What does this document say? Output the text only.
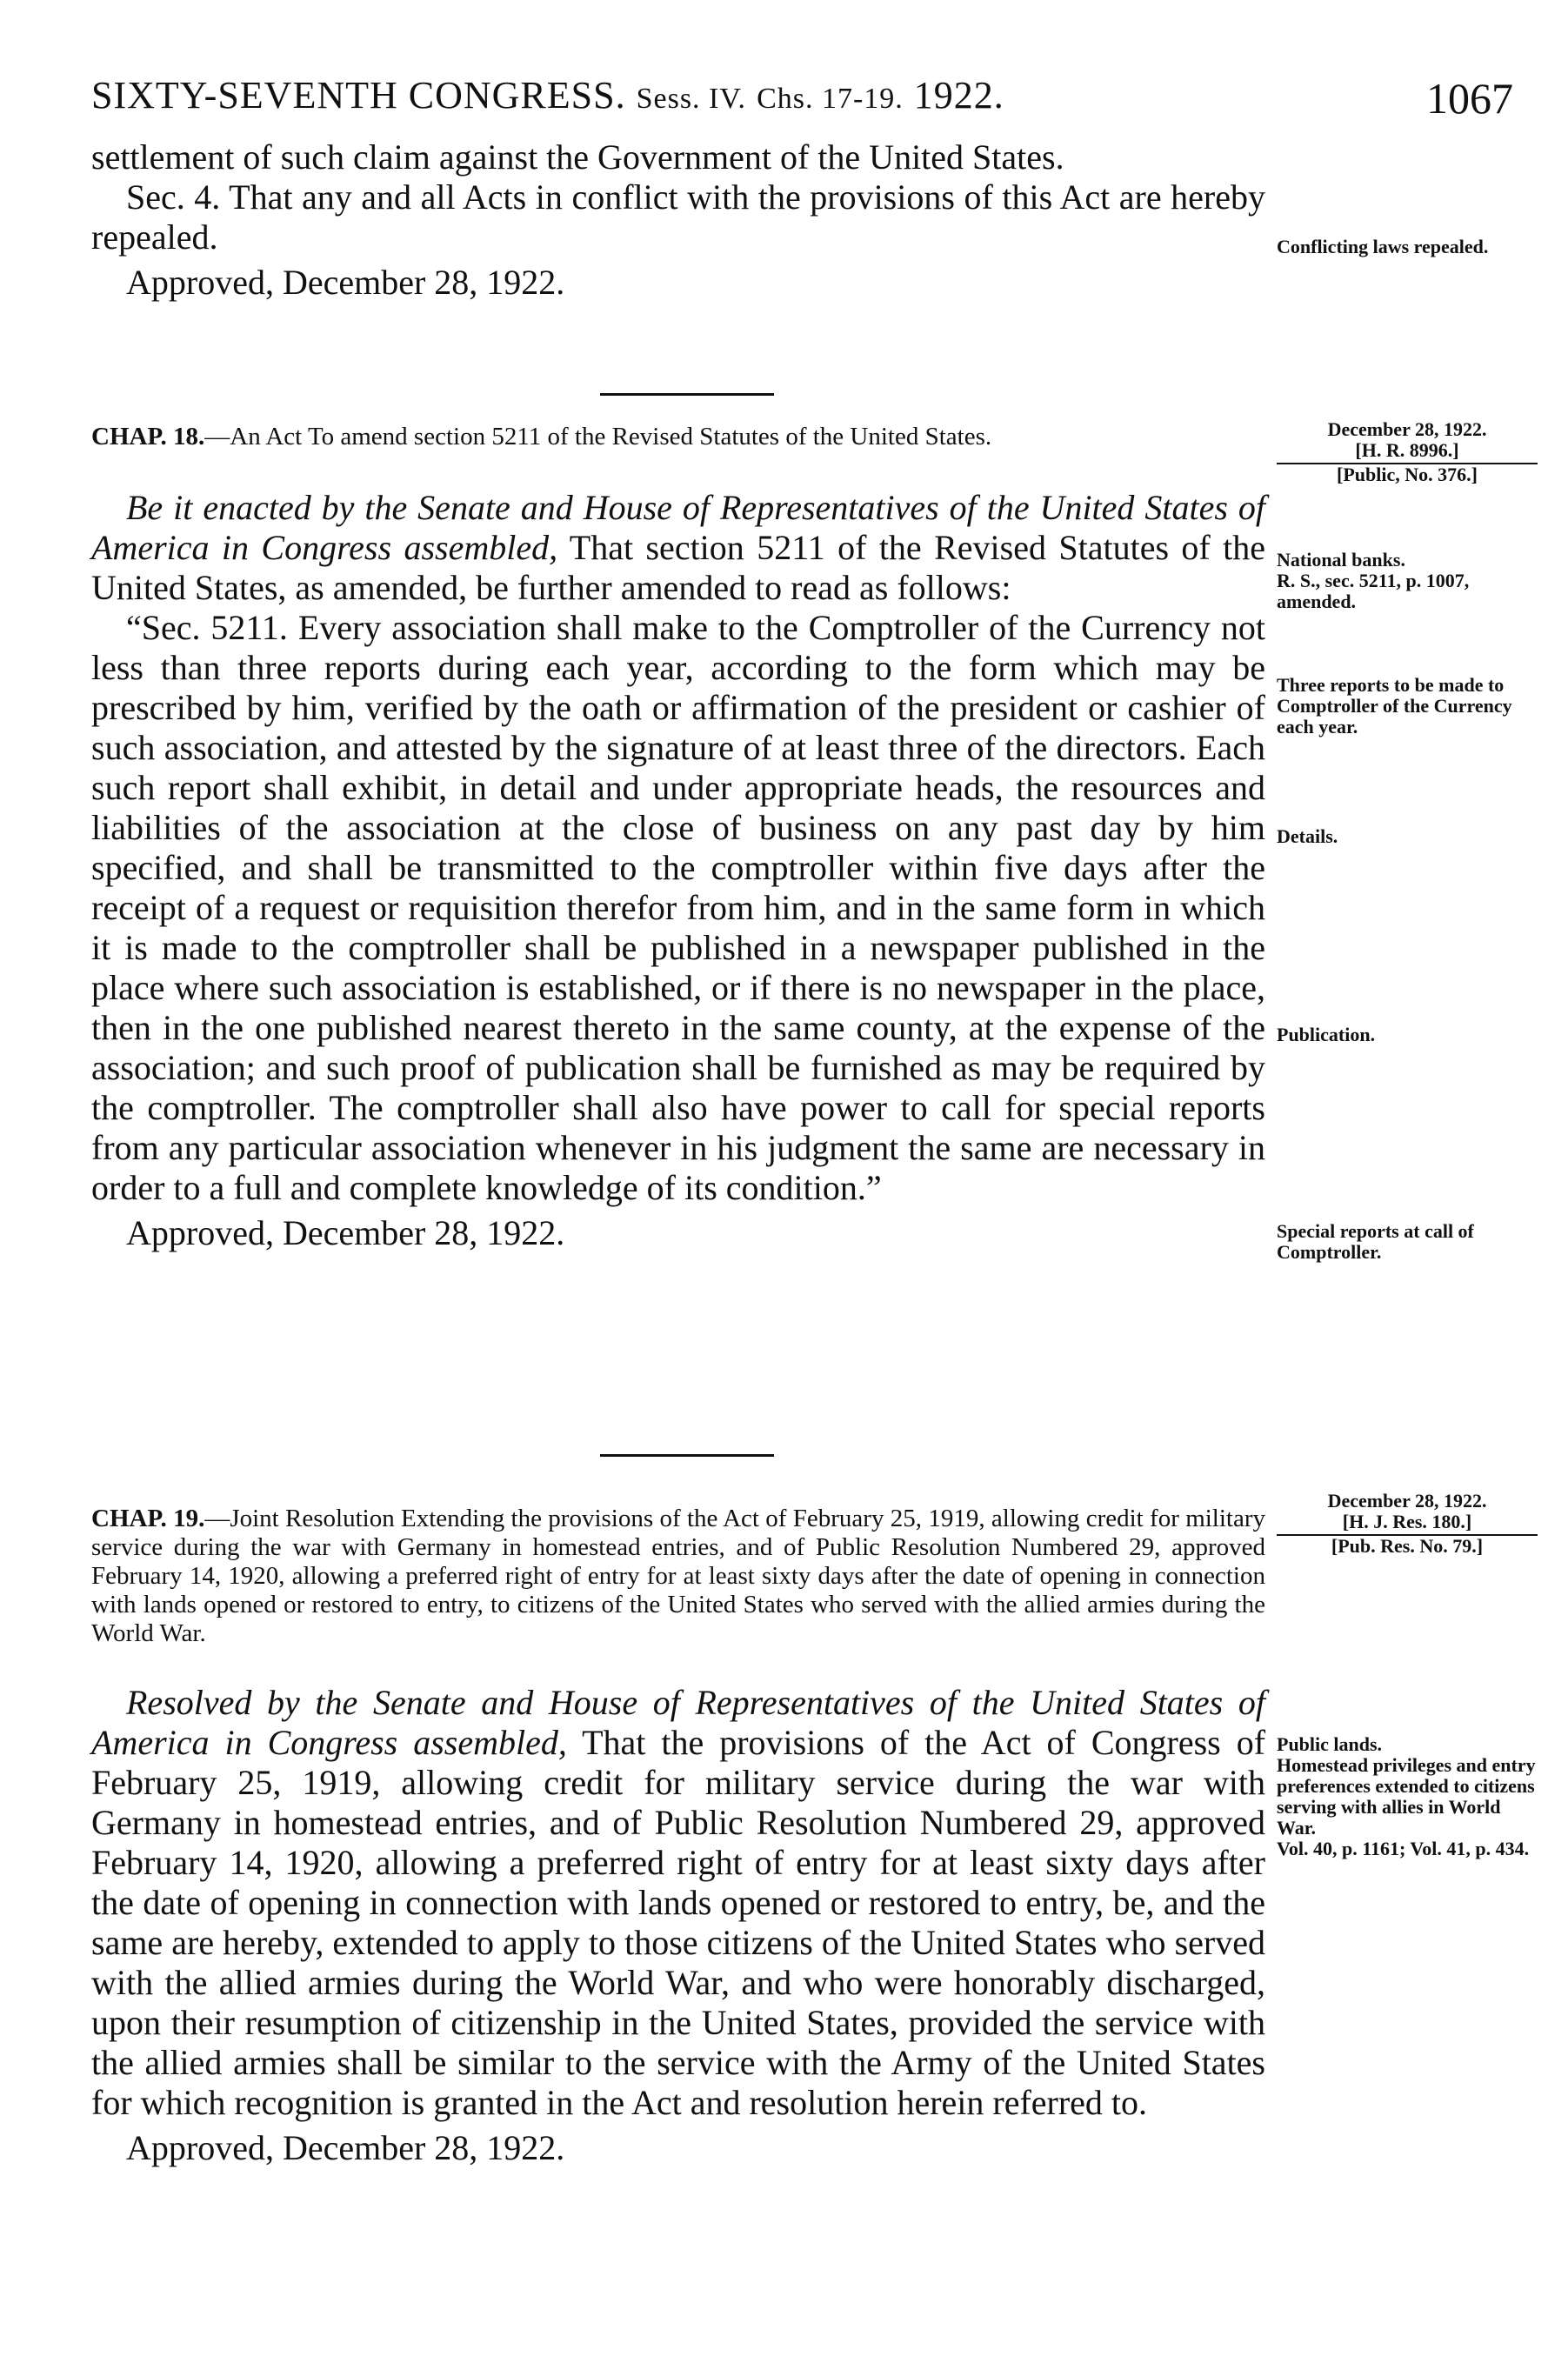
SIXTY-SEVENTH CONGRESS. Sess. IV. Chs. 17-19. 1922.	1067

settlement of such claim against the Government of the United States.

Sec. 4. That any and all Acts in conflict with the provisions of this Act are hereby repealed.

Approved, December 28, 1922.

CHAP. 18.—An Act To amend section 5211 of the Revised Statutes of the United States.

Be it enacted by the Senate and House of Representatives of the United States of America in Congress assembled, That section 5211 of the Revised Statutes of the United States, as amended, be further amended to read as follows:

“Sec. 5211. Every association shall make to the Comptroller of the Currency not less than three reports during each year, according to the form which may be prescribed by him, verified by the oath or affirmation of the president or cashier of such association, and attested by the signature of at least three of the directors. Each such report shall exhibit, in detail and under appropriate heads, the resources and liabilities of the association at the close of business on any past day by him specified, and shall be transmitted to the comptroller within five days after the receipt of a request or requisition therefor from him, and in the same form in which it is made to the comptroller shall be published in a newspaper published in the place where such association is established, or if there is no newspaper in the place, then in the one published nearest thereto in the same county, at the expense of the association; and such proof of publication shall be furnished as may be required by the comptroller. The comptroller shall also have power to call for special reports from any particular association whenever in his judgment the same are necessary in order to a full and complete knowledge of its condition.”

Approved, December 28, 1922.

CHAP. 19.—Joint Resolution Extending the provisions of the Act of February 25, 1919, allowing credit for military service during the war with Germany in homestead entries, and of Public Resolution Numbered 29, approved February 14, 1920, allowing a preferred right of entry for at least sixty days after the date of opening in connection with lands opened or restored to entry, to citizens of the United States who served with the allied armies during the World War.

Resolved by the Senate and House of Representatives of the United States of America in Congress assembled, That the provisions of the Act of Congress of February 25, 1919, allowing credit for military service during the war with Germany in homestead entries, and of Public Resolution Numbered 29, approved February 14, 1920, allowing a preferred right of entry for at least sixty days after the date of opening in connection with lands opened or restored to entry, be, and the same are hereby, extended to apply to those citizens of the United States who served with the allied armies during the World War, and who were honorably discharged, upon their resumption of citizenship in the United States, provided the service with the allied armies shall be similar to the service with the Army of the United States for which recognition is granted in the Act and resolution herein referred to.

Approved, December 28, 1922.

Conflicting laws repealed.
December 28, 1922.
[H. R. 8996.]
[Public, No. 376.]
National banks.
R. S., sec. 5211, p. 1007, amended.
Three reports to be made to Comptroller of the Currency each year.
Details.
Publication.
Special reports at call of Comptroller.
December 28, 1922.
[H. J. Res. 180.]
[Pub. Res. No. 79.]
Public lands.
Homestead privileges and entry preferences extended to citizens serving with allies in World War.
Vol. 40, p. 1161; Vol. 41, p. 434.
